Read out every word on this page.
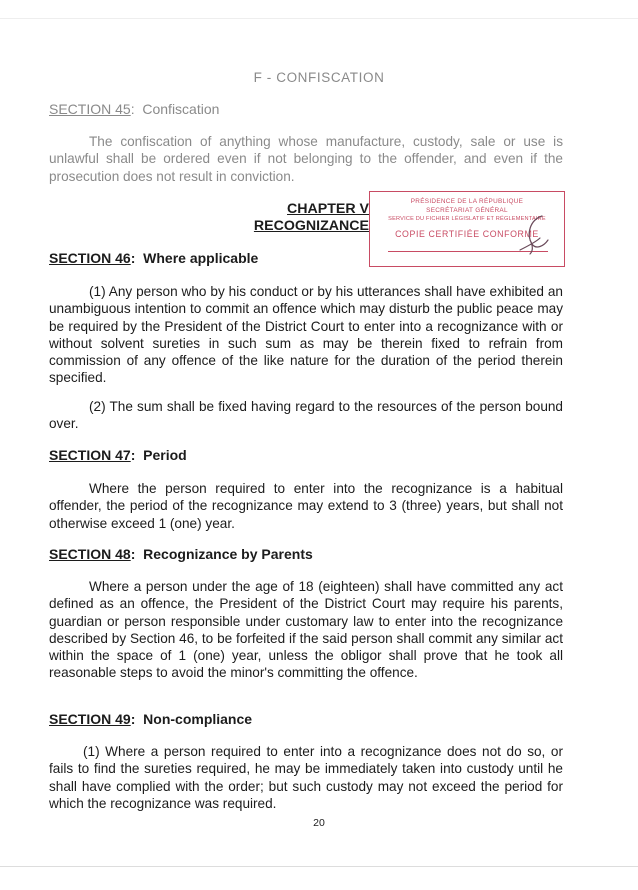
F - CONFISCATION

SECTION 45:  Confiscation

The confiscation of anything whose manufacture, custody, sale or use is unlawful shall be ordered even if not belonging to the offender, and even if the prosecution does not result in conviction.

CHAPTER V
RECOGNIZANCE
PRÉSIDENCE DE LA RÉPUBLIQUE
SECRÉTARIAT GÉNÉRAL
SERVICE DU FICHIER LÉGISLATIF ET RÉGLEMENTAIRE
COPIE CERTIFIÉE CONFORME

SECTION 46:  Where applicable

(1) Any person who by his conduct or by his utterances shall have exhibited an unambiguous intention to commit an offence which may disturb the public peace may be required by the President of the District Court to enter into a recognizance with or without solvent sureties in such sum as may be therein fixed to refrain from commission of any offence of the like nature for the duration of the period therein specified.

(2) The sum shall be fixed having regard to the resources of the person bound over.

SECTION 47:  Period

Where the person required to enter into the recognizance is a habitual offender, the period of the recognizance may extend to 3 (three) years, but shall not otherwise exceed 1 (one) year.

SECTION 48:  Recognizance by Parents

Where a person under the age of 18 (eighteen) shall have committed any act defined as an offence, the President of the District Court may require his parents, guardian or person responsible under customary law to enter into the recognizance described by Section 46, to be forfeited if the said person shall commit any similar act within the space of 1 (one) year, unless the obligor shall prove that he took all reasonable steps to avoid the minor's committing the offence.

SECTION 49:  Non-compliance

(1) Where a person required to enter into a recognizance does not do so, or fails to find the sureties required, he may be immediately taken into custody until he shall have complied with the order; but such custody may not exceed the period for which the recognizance was required.

20
